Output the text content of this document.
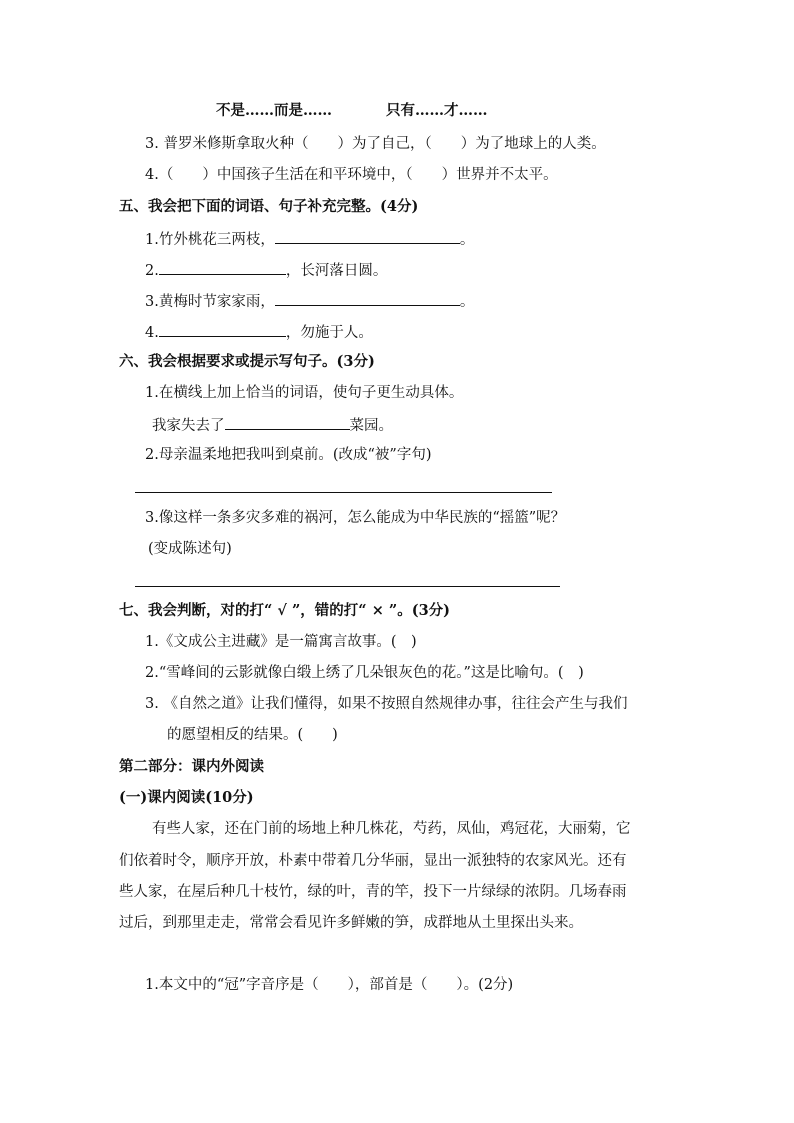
不是……而是……	只有……才……
3. 普罗米修斯拿取火种（　　）为了自己，（　　）为了地球上的人类。
4.（　　）中国孩子生活在和平环境中，（　　）世界并不太平。
五、我会把下面的词语、句子补充完整。(4分)
1.竹外桃花三两枝，	。
2.	，长河落日圆。
3.黄梅时节家家雨，	。
4.	，勿施于人。
六、我会根据要求或提示写句子。(3分)
1.在横线上加上恰当的词语，使句子更生动具体。
我家失去了	菜园。
2.母亲温柔地把我叫到桌前。(改成“被”字句)
3.像这样一条多灾多难的祸河，怎么能成为中华民族的“摇篮”呢？
(变成陈述句)
七、我会判断，对的打“ √ ”，错的打“ × ”。(3分)
1.《文成公主进藏》是一篇寓言故事。(　)
2.“雪峰间的云影就像白缎上绣了几朵银灰色的花。”这是比喻句。(　)
3. 《自然之道》让我们懂得，如果不按照自然规律办事，往往会产生与我们
的愿望相反的结果。(　　)
第二部分：课内外阅读
(一)课内阅读(10分)
有些人家，还在门前的场地上种几株花，芍药，凤仙，鸡冠花，大丽菊，它
们依着时令，顺序开放，朴素中带着几分华丽，显出一派独特的农家风光。还有
些人家，在屋后种几十枝竹，绿的叶，青的竿，投下一片绿绿的浓阴。几场春雨
过后，到那里走走，常常会看见许多鲜嫩的笋，成群地从土里探出头来。
1.本文中的“冠”字音序是（　　），部首是（　　）。(2分)
